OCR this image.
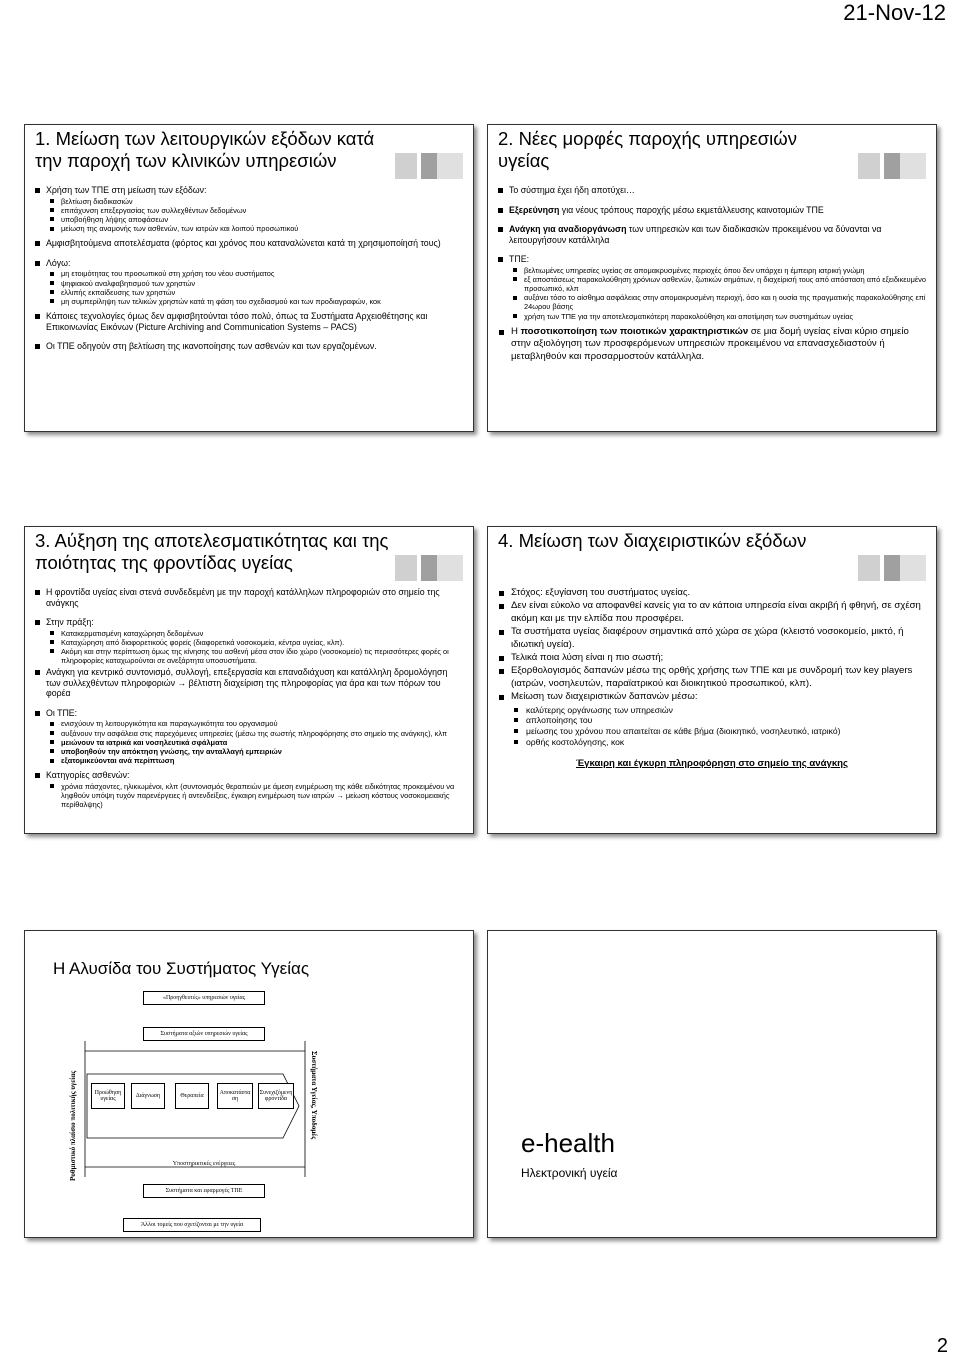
21-Nov-12
1. Μείωση των λειτουργικών εξόδων κατά την παροχή των κλινικών υπηρεσιών
Χρήση των ΤΠΕ στη μείωση των εξόδων:
βελτίωση διαδικασιών
επιτάχυνση επεξεργασίας των συλλεχθέντων δεδομένων
υποβοήθηση λήψης αποφάσεων
μείωση της αναμονής των ασθενών, των ιατρών και λοιπού προσωπικού
Αμφισβητούμενα αποτελέσματα (φόρτος και χρόνος που καταναλώνεται κατά τη χρησιμοποίησή τους)
Λόγω:
μη ετοιμότητας του προσωπικού στη χρήση του νέου συστήματος
ψηφιακού αναλφαβητισμού των χρηστών
ελλιπής εκπαίδευσης των χρηστών
μη συμπερίληψη των τελικών χρηστών κατά τη φάση του σχεδιασμού και των προδιαγραφών, κοκ
Κάποιες τεχνολογίες όμως δεν αμφισβητούνται τόσο πολύ, όπως τα Συστήματα Αρχειοθέτησης και Επικοινωνίας Εικόνων (Picture Archiving and Communication Systems – PACS)
Οι ΤΠΕ οδηγούν στη βελτίωση της ικανοποίησης των ασθενών και των εργαζομένων.
2. Νέες μορφές παροχής υπηρεσιών υγείας
Το σύστημα έχει ήδη αποτύχει…
Εξερεύνηση για νέους τρόπους παροχής μέσω εκμετάλλευσης καινοτομιών ΤΠΕ
Ανάγκη για αναδιοργάνωση των υπηρεσιών και των διαδικασιών προκειμένου να δύνανται να λειτουργήσουν κατάλληλα
ΤΠΕ:
βελτιωμένες υπηρεσίες υγείας σε απομακρυσμένες περιοχές όπου δεν υπάρχει η έμπειρη ιατρική γνώμη
εξ αποστάσεως παρακολούθηση χρόνιων ασθενών, ζωτικών σημάτων, η διαχείρισή τους από απόσταση από εξειδικευμένο προσωπικό, κλπ
αυξάνει τόσο το αίσθημα ασφάλειας στην απομακρυσμένη περιοχή, όσο και η ουσία της πραγματικής παρακολούθησης επί 24ωρου βάσης
χρήση των ΤΠΕ για την αποτελεσματικότερη παρακολούθηση και αποτίμηση των συστημάτων υγείας
Η ποσοτικοποίηση των ποιοτικών χαρακτηριστικών σε μια δομή υγείας είναι κύριο σημείο στην αξιολόγηση των προσφερόμενων υπηρεσιών προκειμένου να επανασχεδιαστούν ή μεταβληθούν και προσαρμοστούν κατάλληλα.
3. Αύξηση της αποτελεσματικότητας και της ποιότητας της φροντίδας υγείας
Η φροντίδα υγείας είναι στενά συνδεδεμένη με την παροχή κατάλληλων πληροφοριών στο σημείο της ανάγκης
Στην πράξη:
Κατακερματισμένη καταχώρηση δεδομένων
Καταχώρηση από διαφορετικούς φορείς (διαφορετικά νοσοκομεία, κέντρα υγείας, κλπ).
Ακόμη και στην περίπτωση όμως της κίνησης του ασθενή μέσα στον ίδιο χώρο (νοσοκομείο) τις περισσότερες φορές οι πληροφορίες καταχωρούνται σε ανεξάρτητα υποσυστήματα.
Ανάγκη για κεντρικό συντονισμό, συλλογή, επεξεργασία και επαναδιάχυση και κατάλληλη δρομολόγηση των συλλεχθέντων πληροφοριών → βέλτιστη διαχείριση της πληροφορίας για άρα και των πόρων του φορέα
Οι ΤΠΕ:
ενισχύουν τη λειτουργικότητα και παραγωγικότητα του οργανισμού
αυξάνουν την ασφάλεια στις παρεχόμενες υπηρεσίες (μέσω της σωστής πληροφόρησης στο σημείο της ανάγκης), κλπ
μειώνουν τα ιατρικά και νοσηλευτικά σφάλματα
υποβοηθούν την απόκτηση γνώσης, την ανταλλαγή εμπειριών
εξατομικεύονται ανά περίπτωση
Κατηγορίες ασθενών:
χρόνια πάσχοντες, ηλικιωμένοι, κλπ (συντονισμός θεραπειών με άμεση ενημέρωση της κάθε ειδικότητας προκειμένου να ληφθούν υπόψη τυχόν παρενέργειες ή αντενδείξεις, έγκαιρη ενημέρωση των ιατρών → μείωση κόστους νοσοκομειακής περίθαλψης)
4. Μείωση των διαχειριστικών εξόδων
Στόχος: εξυγίανση του συστήματος υγείας.
Δεν είναι εύκολο να αποφανθεί κανείς για το αν κάποια υπηρεσία είναι ακριβή ή φθηνή, σε σχέση ακόμη και με την ελπίδα που προσφέρει.
Τα συστήματα υγείας διαφέρουν σημαντικά από χώρα σε χώρα (κλειστό νοσοκομείο, μικτό, ή ιδιωτική υγεία).
Τελικά ποια λύση είναι η πιο σωστή;
Εξορθολογισμός δαπανών μέσω της ορθής χρήσης των ΤΠΕ και με συνδρομή των key players (ιατρών, νοσηλευτών, παραϊατρικού και διοικητικού προσωπικού, κλπ).
Μείωση των διαχειριστικών δαπανών μέσω:
καλύτερης οργάνωσης των υπηρεσιών
απλοποίησης του
μείωσης του χρόνου που απαιτείται σε κάθε βήμα (διοικητικό, νοσηλευτικό, ιατρικό)
ορθής κοστολόγησης, κοκ
Έγκαιρη και έγκυρη πληροφόρηση στο σημείο της ανάγκης
Η Αλυσίδα του Συστήματος Υγείας
Ρυθμιστικό πλαίσιο πολιτικής υγείας	Συστήματα Υγείας, Υποδομές
«Προηγθευτές» υπηρεσιών υγείας
Συστήματα αξιών υπηρεσιών υγείας
Προώθηση υγείας	Διάγνωση	Θεραπεία	Αποκατάστα ση
Συνεχιζόμενη φροντίδα
Υποστηρικτικές ενέργειες
Συστήματα και εφαρμογές ΤΠΕ
Άλλοι τομείς που σχετίζονται με την υγεία
e-health
Ηλεκτρονική υγεία
2
